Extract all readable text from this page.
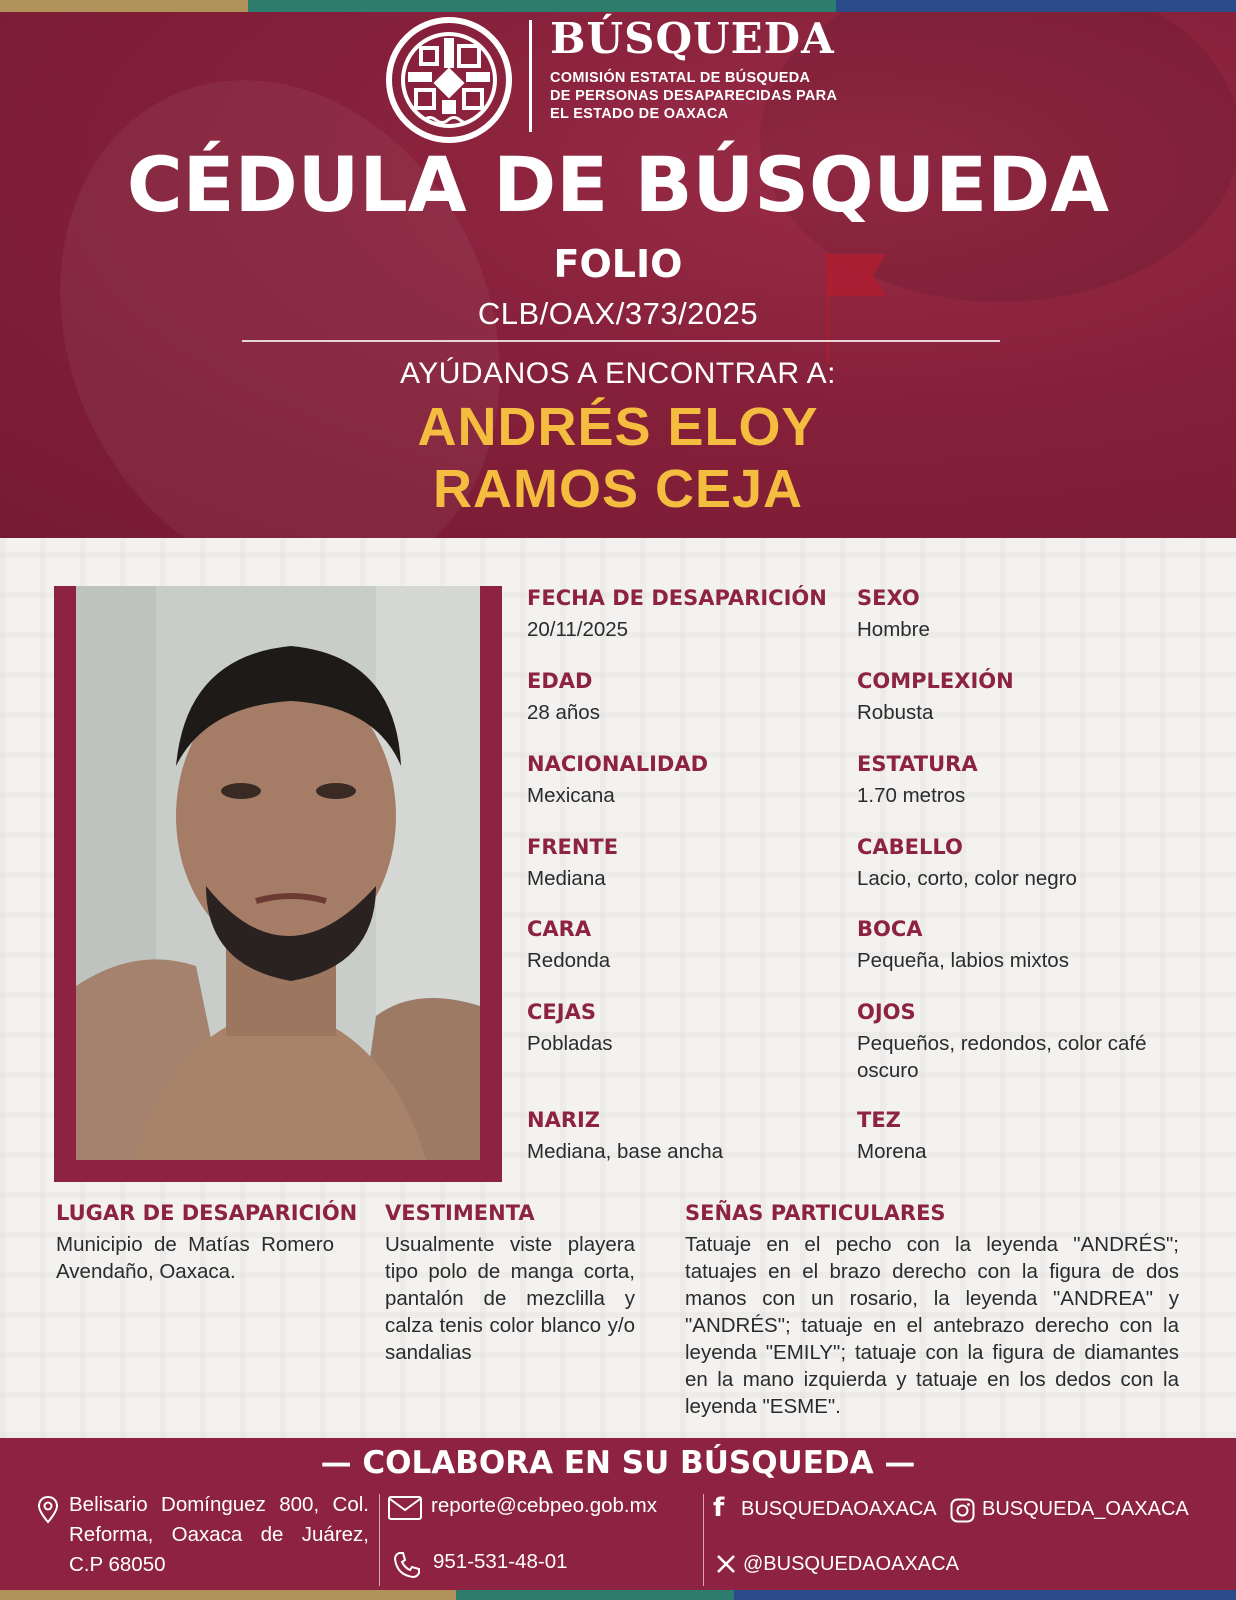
BÚSQUEDA
COMISIÓN ESTATAL DE BÚSQUEDA
DE PERSONAS DESAPARECIDAS PARA
EL ESTADO DE OAXACA
CÉDULA DE BÚSQUEDA
FOLIO
CLB/OAX/373/2025
AYÚDANOS A ENCONTRAR A:
ANDRÉS ELOY
RAMOS CEJA
FECHA DE DESAPARICIÓN
20/11/2025
EDAD
28 años
NACIONALIDAD
Mexicana
FRENTE
Mediana
CARA
Redonda
CEJAS
Pobladas
NARIZ
Mediana, base ancha
SEXO
Hombre
COMPLEXIÓN
Robusta
ESTATURA
1.70 metros
CABELLO
Lacio, corto, color negro
BOCA
Pequeña, labios mixtos
OJOS
Pequeños, redondos, color café oscuro
TEZ
Morena
LUGAR DE DESAPARICIÓN
Municipio de Matías Romero Avendaño, Oaxaca.
VESTIMENTA
Usualmente viste playera tipo polo de manga corta, pantalón de mezclilla y calza tenis color blanco y/o sandalias
SEÑAS PARTICULARES
Tatuaje en el pecho con la leyenda "ANDRÉS"; tatuajes en el brazo derecho con la figura de dos manos con un rosario, la leyenda "ANDREA" y "ANDRÉS"; tatuaje en el antebrazo derecho con la leyenda "EMILY"; tatuaje con la figura de diamantes en la mano izquierda y tatuaje en los dedos con la leyenda "ESME".
— COLABORA EN SU BÚSQUEDA —
Belisario Domínguez 800, Col.
Reforma, Oaxaca de Juárez,
C.P 68050
reporte@cebpeo.gob.mx
951-531-48-01
f BUSQUEDAOAXACA BUSQUEDA_OAXACA
@BUSQUEDAOAXACA
